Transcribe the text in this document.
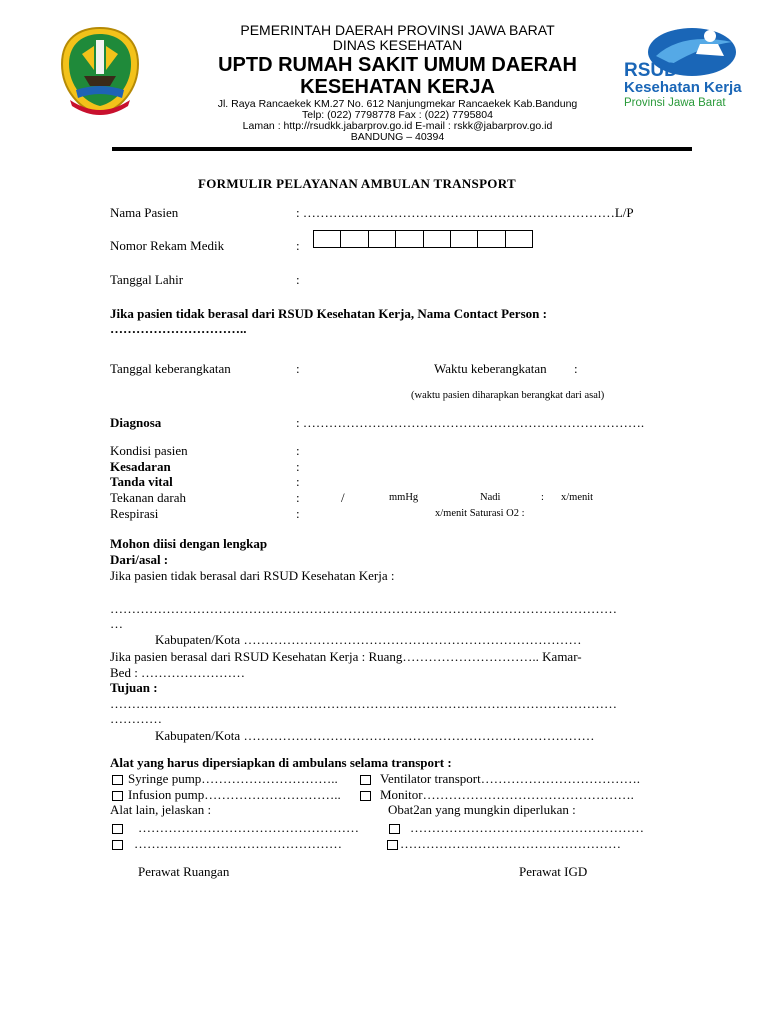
RSUD
Kesehatan Kerja
Provinsi Jawa Barat
PEMERINTAH DAERAH PROVINSI JAWA BARAT
DINAS KESEHATAN
UPTD RUMAH SAKIT UMUM DAERAH
KESEHATAN KERJA
Jl. Raya Rancaekek KM.27 No. 612 Nanjungmekar Rancaekek Kab.Bandung
Telp: (022) 7798778 Fax : (022) 7795804
Laman : http://rsudkk.jabarprov.go.id E-mail : rskk@jabarprov.go.id
BANDUNG – 40394
FORMULIR PELAYANAN AMBULAN TRANSPORT
Nama Pasien	: ………………………………………………………………L/P
Nomor Rekam Medik	:
Tanggal Lahir	:
Jika pasien tidak berasal dari RSUD Kesehatan Kerja, Nama Contact Person :
…………………………..
Tanggal keberangkatan	:	Waktu keberangkatan :
(waktu pasien diharapkan berangkat dari asal)
Diagnosa	: …………………………………………………………………….
Kondisi pasien	:
Kesadaran	:
Tanda vital	:
Tekanan darah	:	/	mmHg	Nadi	: x/menit
Respirasi	:	x/menit Saturasi O2 :
Mohon diisi dengan lengkap
Dari/asal :
Jika pasien tidak berasal dari RSUD Kesehatan Kerja :
………………………………………………………………………………………………………
…
Kabupaten/Kota ……………………………………………………………………
Jika pasien berasal dari RSUD Kesehatan Kerja : Ruang………………………….. Kamar-
Bed : ……………………
Tujuan :
………………………………………………………………………………………………………
…………
Kabupaten/Kota ………………………………………………………………………
Alat yang harus dipersiapkan di ambulans selama transport :
Syringe pump…………………………..	Ventilator transport……………………………….
Infusion pump…………………………..	Monitor………………………………………….
Alat lain, jelaskan :	Obat2an yang mungkin diperlukan :
……………………………………………	………………………………………………
…………………………………………	……………………………………………
Perawat Ruangan	Perawat IGD
